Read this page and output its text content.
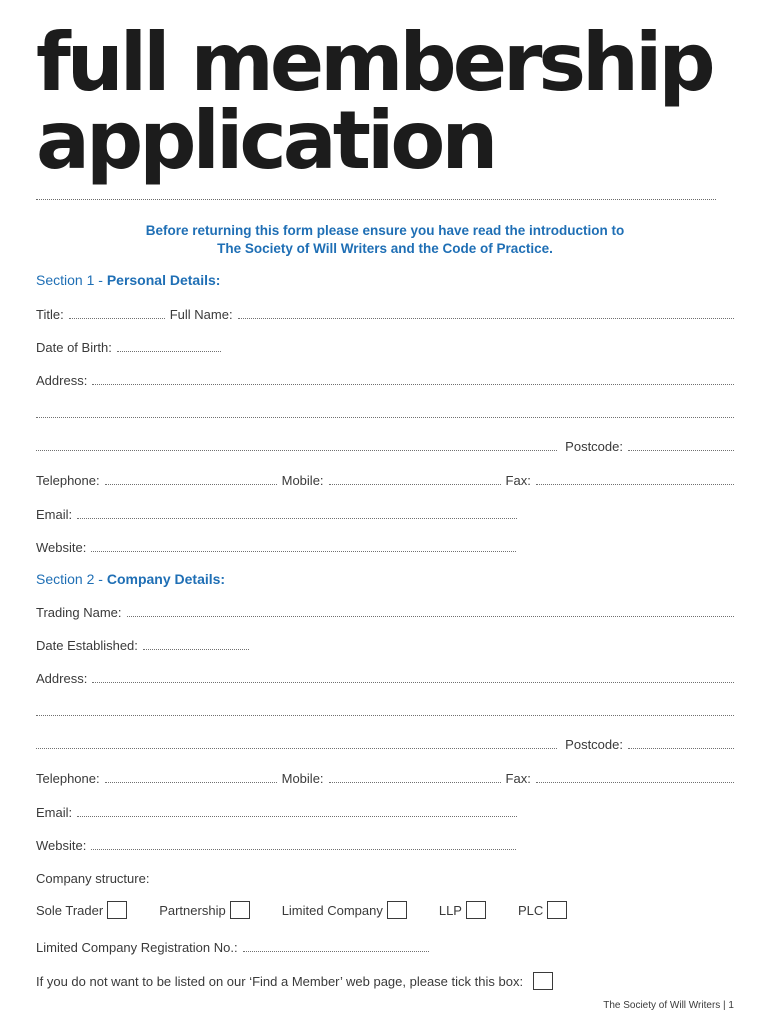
full membership
application
Before returning this form please ensure you have read the introduction to
The Society of Will Writers and the Code of Practice.
Section 1 - Personal Details:
Title:	Full Name:
Date of Birth:
Address:
Postcode:
Telephone:	Mobile:	Fax:
Email:
Website:
Section 2 - Company Details:
Trading Name:
Date Established:
Address:
Postcode:
Telephone:	Mobile:	Fax:
Email:
Website:
Company structure:
Sole Trader	Partnership	Limited Company	LLP	PLC
Limited Company Registration No.:
If you do not want to be listed on our ‘Find a Member’ web page, please tick this box:
The Society of Will Writers | 1
